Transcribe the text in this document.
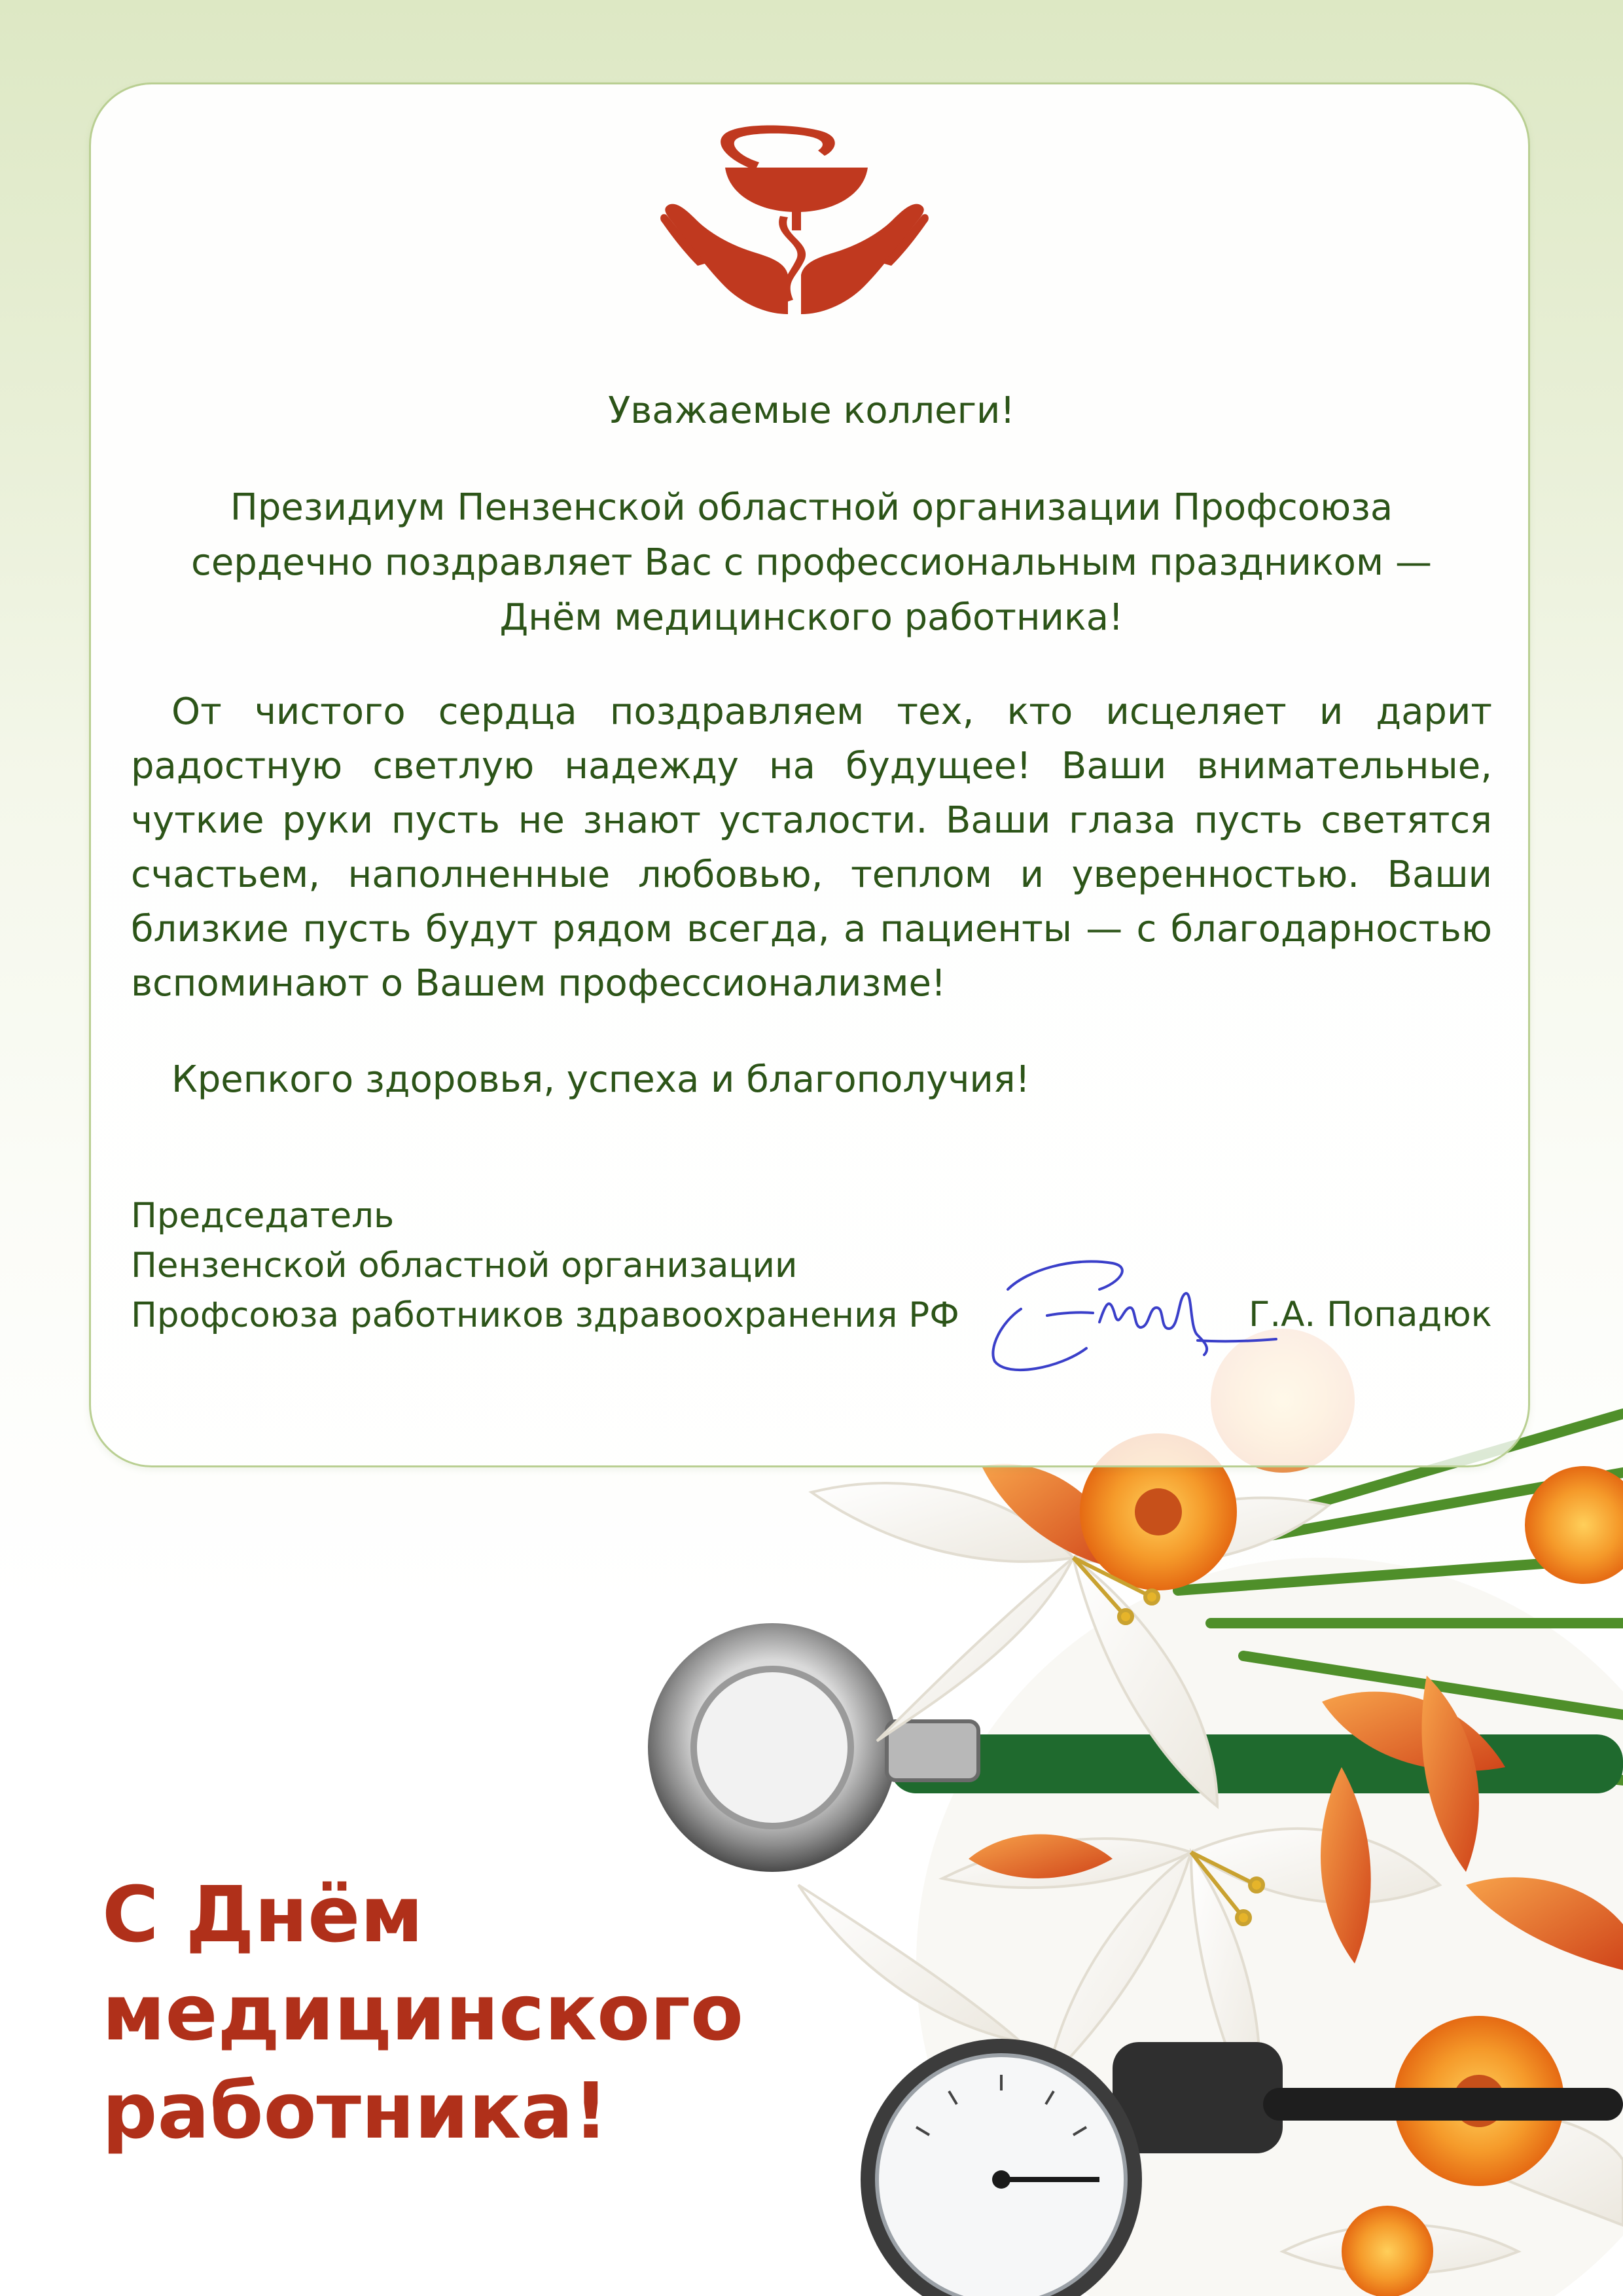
Уважаемые коллеги!
Президиум Пензенской областной организации Профсоюза
сердечно поздравляет Вас с профессиональным праздником —
Днём медицинского работника!
От чистого сердца поздравляем тех, кто исцеляет и дарит радостную светлую надежду на будущее! Ваши внимательные, чуткие руки пусть не знают усталости. Ваши глаза пусть светятся счастьем, наполненные любовью, теплом и уверенностью. Ваши близкие пусть будут рядом всегда, а пациенты — с благодарностью вспоминают о Вашем профессионализме!
Крепкого здоровья, успеха и благополучия!
Председатель
Пензенской областной организации
Профсоюза работников здравоохранения РФ	Г.А. Попадюк
С Днём
медицинского
работника!
